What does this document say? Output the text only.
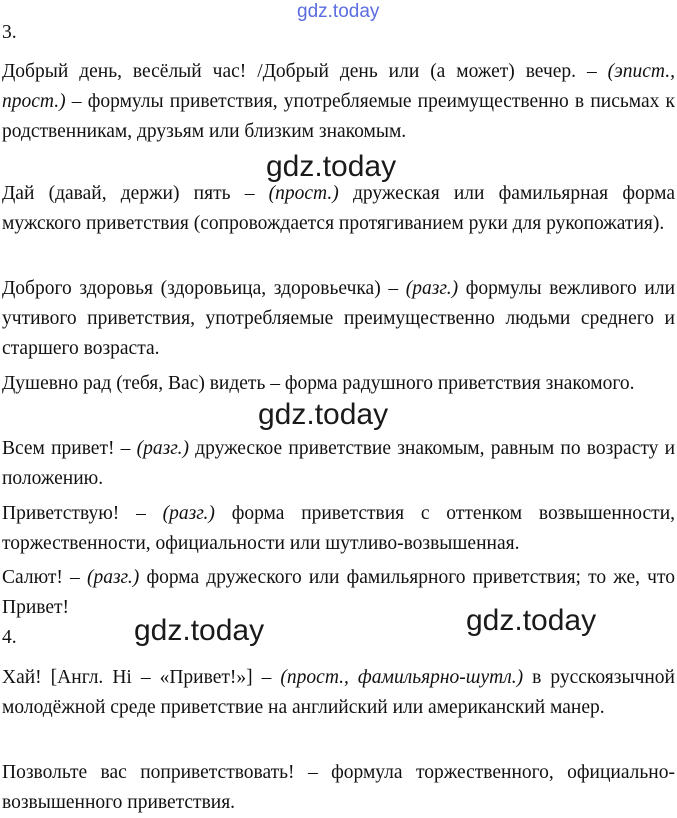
gdz.today
3.

Добрый день, весёлый час! /Добрый день или (а может) вечер. – (эпист., прост.) – формулы приветствия, употребляемые преимущественно в письмах к родственникам, друзьям или близким знакомым.

gdz.today

Дай (давай, держи) пять – (прост.) дружеская или фамильярная форма мужского приветствия (сопровождается протягиванием руки для рукопожатия).

Доброго здоровья (здоровьица, здоровьечка) – (разг.) формулы вежливого или учтивого приветствия, употребляемые преимущественно людьми среднего и старшего возраста.

Душевно рад (тебя, Вас) видеть – форма радушного приветствия знакомого.

gdz.today

Всем привет! – (разг.) дружеское приветствие знакомым, равным по возрасту и положению.

Приветствую! – (разг.) форма приветствия с оттенком возвышенности, торжественности, официальности или шутливо-возвышенная.

Салют! – (разг.) форма дружеского или фамильярного приветствия; то же, что Привет!

4.	gdz.today	gdz.today

Хай! [Англ. Hi – «Привет!»] – (прост., фамильярно-шутл.) в русскоязычной молодёжной среде приветствие на английский или американский манер.

Позвольте вас поприветствовать! – формула торжественного, официально-возвышенного приветствия.
